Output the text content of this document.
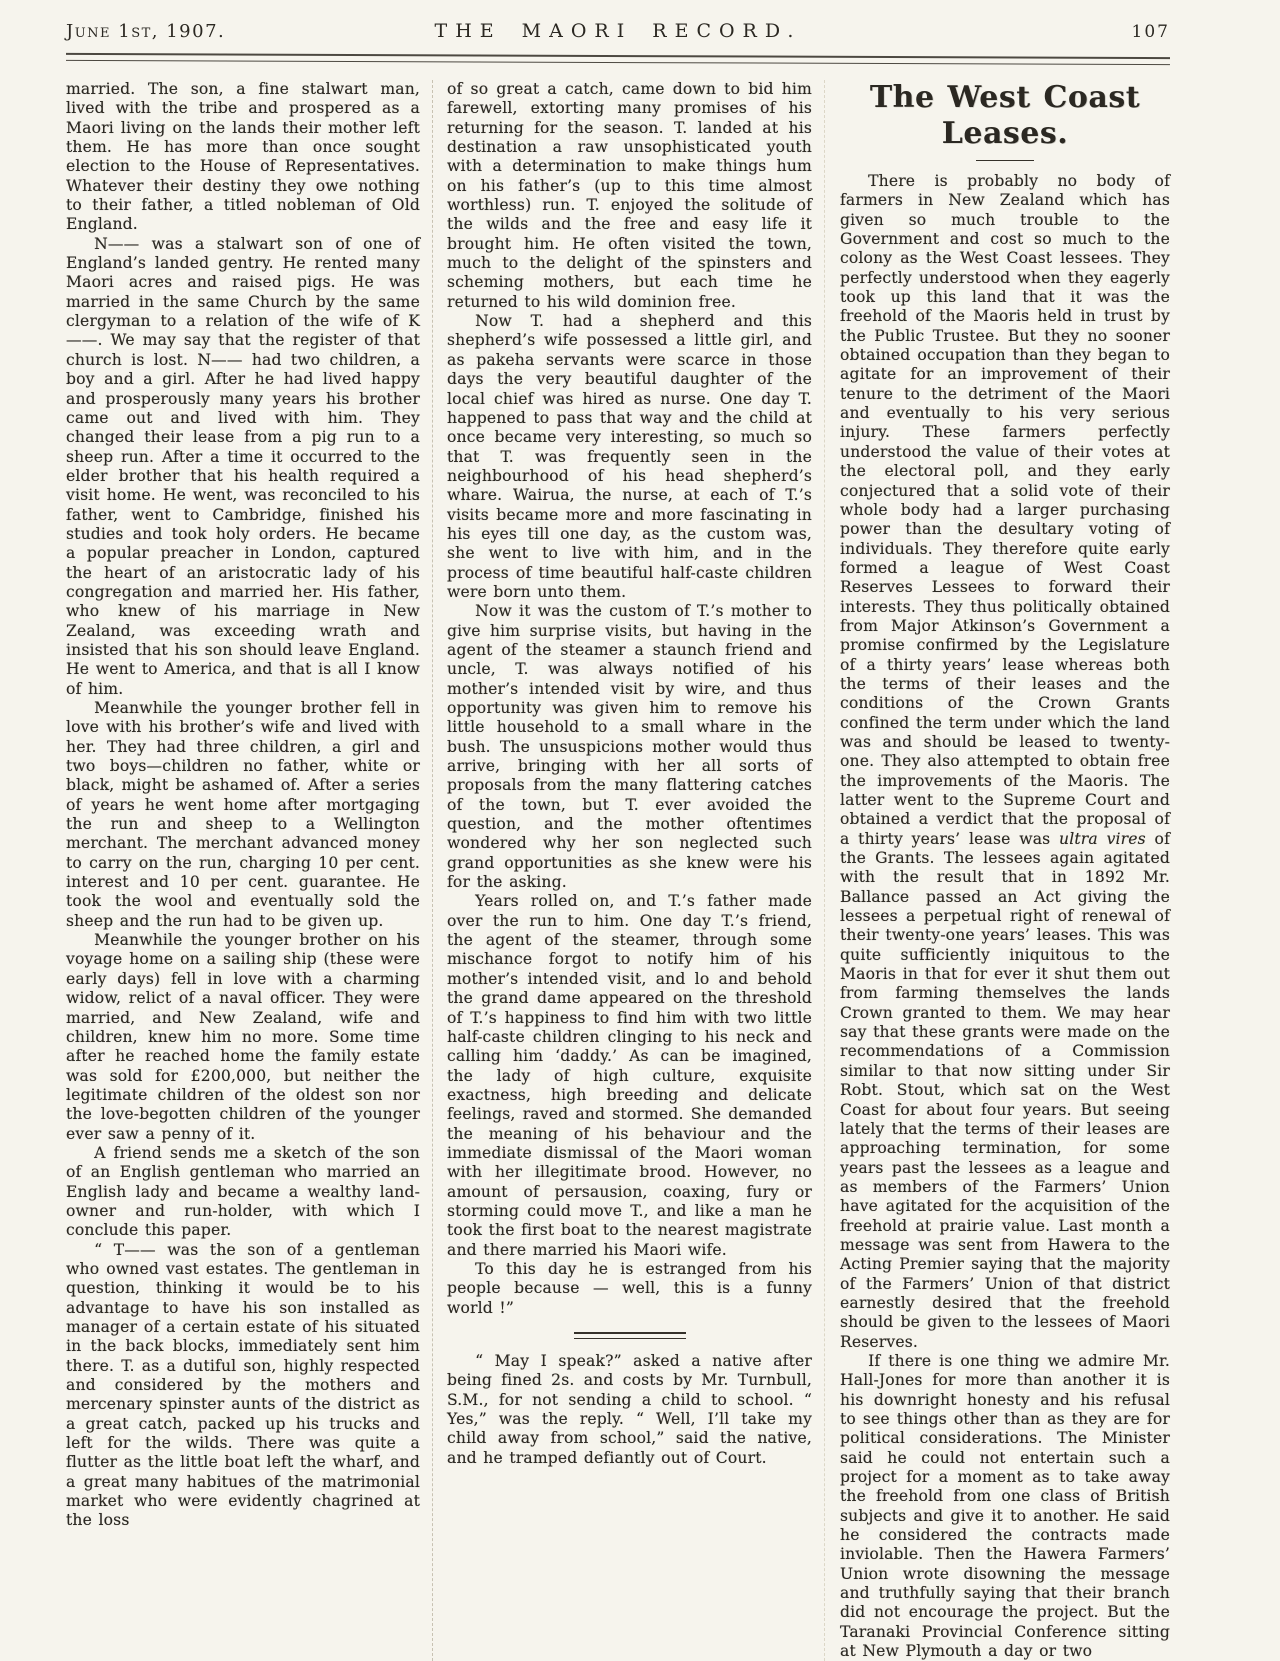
June 1st, 1907.	THE MAORI RECORD.	107

married. The son, a fine stalwart man, lived with the tribe and prospered as a Maori living on the lands their mother left them. He has more than once sought election to the House of Representatives. Whatever their destiny they owe nothing to their father, a titled nobleman of Old England.

N—— was a stalwart son of one of England’s landed gentry. He rented many Maori acres and raised pigs. He was married in the same Church by the same clergyman to a relation of the wife of K——. We may say that the register of that church is lost. N—— had two children, a boy and a girl. After he had lived happy and prosperously many years his brother came out and lived with him. They changed their lease from a pig run to a sheep run. After a time it occurred to the elder brother that his health required a visit home. He went, was reconciled to his father, went to Cambridge, finished his studies and took holy orders. He became a popular preacher in London, captured the heart of an aristocratic lady of his congregation and married her. His father, who knew of his marriage in New Zealand, was exceeding wrath and insisted that his son should leave England. He went to America, and that is all I know of him.

Meanwhile the younger brother fell in love with his brother’s wife and lived with her. They had three children, a girl and two boys—children no father, white or black, might be ashamed of. After a series of years he went home after mortgaging the run and sheep to a Wellington merchant. The merchant advanced money to carry on the run, charging 10 per cent. interest and 10 per cent. guarantee. He took the wool and eventually sold the sheep and the run had to be given up.

Meanwhile the younger brother on his voyage home on a sailing ship (these were early days) fell in love with a charming widow, relict of a naval officer. They were married, and New Zealand, wife and children, knew him no more. Some time after he reached home the family estate was sold for £200,000, but neither the legitimate children of the oldest son nor the love-begotten children of the younger ever saw a penny of it.

A friend sends me a sketch of the son of an English gentleman who married an English lady and became a wealthy land-owner and run-holder, with which I conclude this paper.

“ T—— was the son of a gentleman who owned vast estates. The gentleman in question, thinking it would be to his advantage to have his son installed as manager of a certain estate of his situated in the back blocks, immediately sent him there. T. as a dutiful son, highly respected and considered by the mothers and mercenary spinster aunts of the district as a great catch, packed up his trucks and left for the wilds. There was quite a flutter as the little boat left the wharf, and a great many habitues of the matrimonial market who were evidently chagrined at the loss

of so great a catch, came down to bid him farewell, extorting many promises of his returning for the season. T. landed at his destination a raw unsophisticated youth with a determination to make things hum on his father’s (up to this time almost worthless) run. T. enjoyed the solitude of the wilds and the free and easy life it brought him. He often visited the town, much to the delight of the spinsters and scheming mothers, but each time he returned to his wild dominion free.

Now T. had a shepherd and this shepherd’s wife possessed a little girl, and as pakeha servants were scarce in those days the very beautiful daughter of the local chief was hired as nurse. One day T. happened to pass that way and the child at once became very interesting, so much so that T. was frequently seen in the neighbourhood of his head shepherd’s whare. Wairua, the nurse, at each of T.’s visits became more and more fascinating in his eyes till one day, as the custom was, she went to live with him, and in the process of time beautiful half-caste children were born unto them.

Now it was the custom of T.’s mother to give him surprise visits, but having in the agent of the steamer a staunch friend and uncle, T. was always notified of his mother’s intended visit by wire, and thus opportunity was given him to remove his little household to a small whare in the bush. The unsuspicions mother would thus arrive, bringing with her all sorts of proposals from the many flattering catches of the town, but T. ever avoided the question, and the mother oftentimes wondered why her son neglected such grand opportunities as she knew were his for the asking.

Years rolled on, and T.’s father made over the run to him. One day T.’s friend, the agent of the steamer, through some mischance forgot to notify him of his mother’s intended visit, and lo and behold the grand dame appeared on the threshold of T.’s happiness to find him with two little half-caste children clinging to his neck and calling him ‘daddy.’ As can be imagined, the lady of high culture, exquisite exactness, high breeding and delicate feelings, raved and stormed. She demanded the meaning of his behaviour and the immediate dismissal of the Maori woman with her illegitimate brood. However, no amount of persausion, coaxing, fury or storming could move T., and like a man he took the first boat to the nearest magistrate and there married his Maori wife.

To this day he is estranged from his people because — well, this is a funny world !”

“ May I speak?” asked a native after being fined 2s. and costs by Mr. Turnbull, S.M., for not sending a child to school. “ Yes,” was the reply. “ Well, I’ll take my child away from school,” said the native, and he tramped defiantly out of Court.

The West Coast Leases.

There is probably no body of farmers in New Zealand which has given so much trouble to the Government and cost so much to the colony as the West Coast lessees. They perfectly understood when they eagerly took up this land that it was the freehold of the Maoris held in trust by the Public Trustee. But they no sooner obtained occupation than they began to agitate for an improvement of their tenure to the detriment of the Maori and eventually to his very serious injury. These farmers perfectly understood the value of their votes at the electoral poll, and they early conjectured that a solid vote of their whole body had a larger purchasing power than the desultary voting of individuals. They therefore quite early formed a league of West Coast Reserves Lessees to forward their interests. They thus politically obtained from Major Atkinson’s Government a promise confirmed by the Legislature of a thirty years’ lease whereas both the terms of their leases and the conditions of the Crown Grants confined the term under which the land was and should be leased to twenty-one. They also attempted to obtain free the improvements of the Maoris. The latter went to the Supreme Court and obtained a verdict that the proposal of a thirty years’ lease was ultra vires of the Grants. The lessees again agitated with the result that in 1892 Mr. Ballance passed an Act giving the lessees a perpetual right of renewal of their twenty-one years’ leases. This was quite sufficiently iniquitous to the Maoris in that for ever it shut them out from farming themselves the lands Crown granted to them. We may hear say that these grants were made on the recommendations of a Commission similar to that now sitting under Sir Robt. Stout, which sat on the West Coast for about four years. But seeing lately that the terms of their leases are approaching termination, for some years past the lessees as a league and as members of the Farmers’ Union have agitated for the acquisition of the freehold at prairie value. Last month a message was sent from Hawera to the Acting Premier saying that the majority of the Farmers’ Union of that district earnestly desired that the freehold should be given to the lessees of Maori Reserves.

If there is one thing we admire Mr. Hall-Jones for more than another it is his downright honesty and his refusal to see things other than as they are for political considerations. The Minister said he could not entertain such a project for a moment as to take away the freehold from one class of British subjects and give it to another. He said he considered the contracts made inviolable. Then the Hawera Farmers’ Union wrote disowning the message and truthfully saying that their branch did not encourage the project. But the Taranaki Provincial Conference sitting at New Plymouth a day or two
